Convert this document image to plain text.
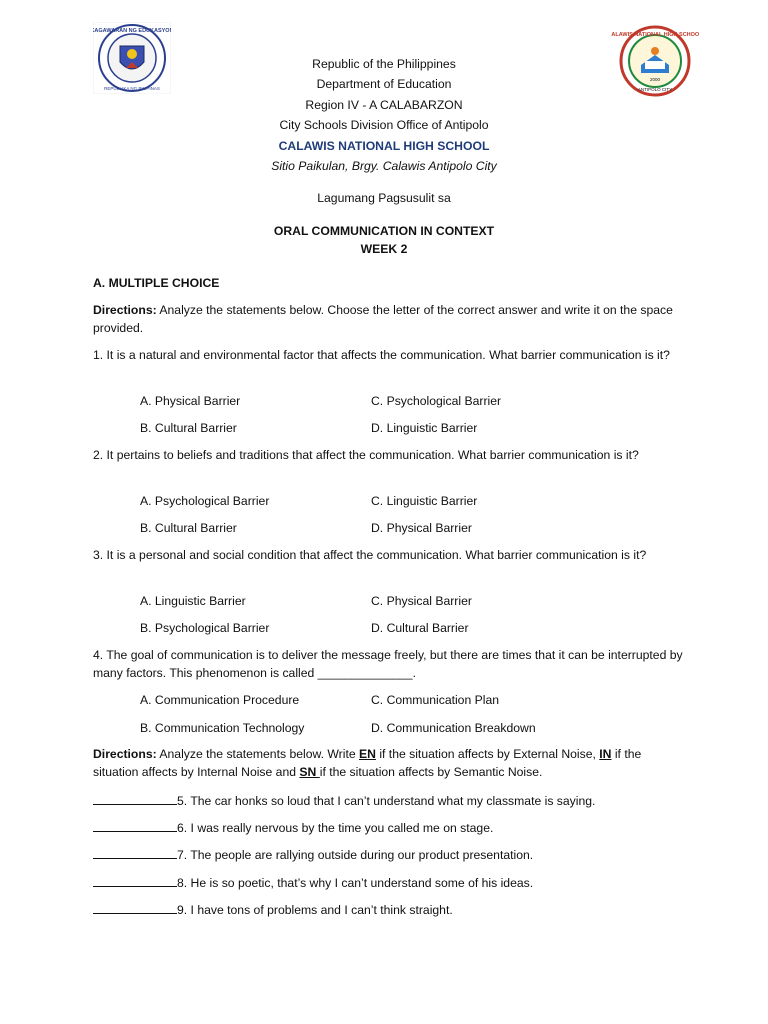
KAGAWARAN NG EDUKASYON
REPUBLIKA NG PILIPINAS
CALAWIS NATIONAL HIGH SCHOOL
2000
ANTIPOLO CITY
Republic of the Philippines
Department of Education
Region IV - A CALABARZON
City Schools Division Office of Antipolo
CALAWIS NATIONAL HIGH SCHOOL
Sitio Paikulan, Brgy. Calawis Antipolo City
Lagumang Pagsusulit sa
ORAL COMMUNICATION IN CONTEXT
WEEK 2
A. MULTIPLE CHOICE
Directions: Analyze the statements below. Choose the letter of the correct answer and write it on the space provided.
1. It is a natural and environmental factor that affects the communication. What barrier communication is it?
A. Physical Barrier	C. Psychological Barrier
B. Cultural Barrier	D. Linguistic Barrier
2. It pertains to beliefs and traditions that affect the communication. What barrier communication is it?
A. Psychological Barrier	C. Linguistic Barrier
B. Cultural Barrier	D. Physical Barrier
3. It is a personal and social condition that affect the communication. What barrier communication is it?
A. Linguistic Barrier	C. Physical Barrier
B. Psychological Barrier	D. Cultural Barrier
4. The goal of communication is to deliver the message freely, but there are times that it can be interrupted by many factors. This phenomenon is called ______________.
A. Communication Procedure	C. Communication Plan
B. Communication Technology	D. Communication Breakdown
Directions: Analyze the statements below. Write EN if the situation affects by External Noise, IN if the situation affects by Internal Noise and SN if the situation affects by Semantic Noise.
5. The car honks so loud that I can’t understand what my classmate is saying.
6. I was really nervous by the time you called me on stage.
7. The people are rallying outside during our product presentation.
8. He is so poetic, that’s why I can’t understand some of his ideas.
9. I have tons of problems and I can’t think straight.
